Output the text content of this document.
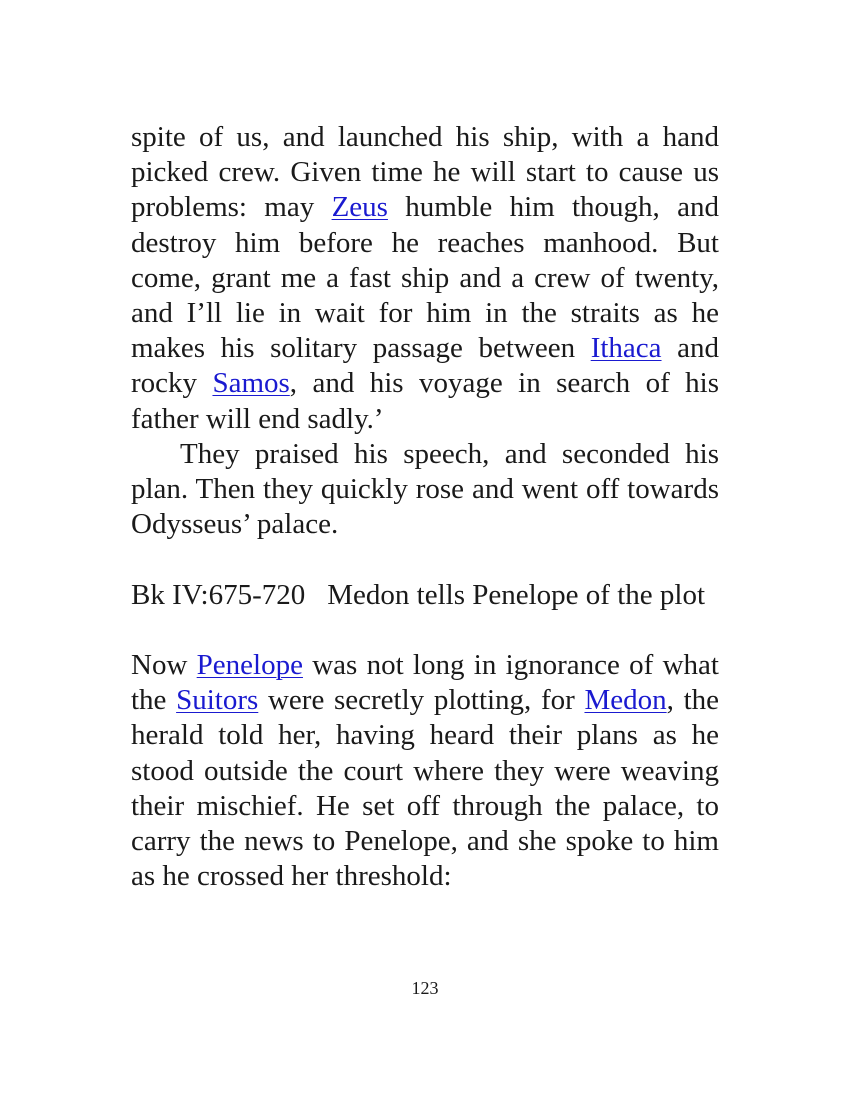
spite of us, and launched his ship, with a hand picked crew. Given time he will start to cause us problems: may Zeus humble him though, and destroy him before he reaches manhood. But come, grant me a fast ship and a crew of twenty, and I’ll lie in wait for him in the straits as he makes his solitary passage between Ithaca and rocky Samos, and his voyage in search of his father will end sadly.’

They praised his speech, and seconded his plan. Then they quickly rose and went off towards Odysseus’ palace.

Bk IV:675-720 Medon tells Penelope of the plot

Now Penelope was not long in ignorance of what the Suitors were secretly plotting, for Medon, the herald told her, having heard their plans as he stood outside the court where they were weaving their mischief. He set off through the palace, to carry the news to Penelope, and she spoke to him as he crossed her threshold:

123
